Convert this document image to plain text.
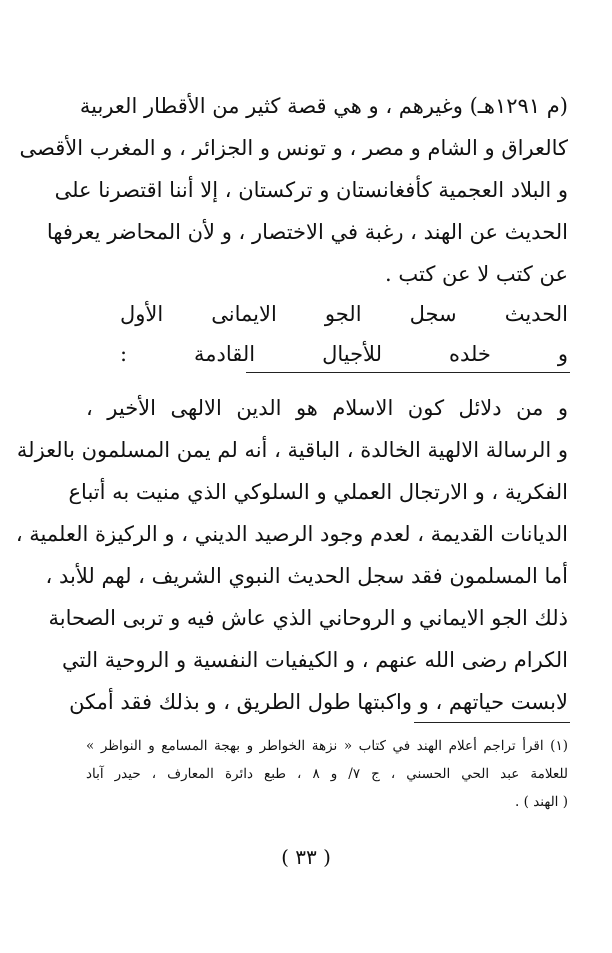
(م ١٢٩١هـ) وغيرهم ، و هي قصة كثير من الأقطار العربية
كالعراق و الشام و مصر ، و تونس و الجزائر ، و المغرب الأقصى
و البلاد العجمية كأفغانستان و تركستان ، إلا أننا اقتصرنا على
الحديث عن الهند ، رغبة في الاختصار ، و لأن المحاضر يعرفها
عن كتب لا عن كتب .
الحديث سجل الجو الايمانى الأول
و خلده للأجيال القادمة :
و من دلائل كون الاسلام هو الدين الالهى الأخير ،
و الرسالة الالهية الخالدة ، الباقية ، أنه لم يمن المسلمون بالعزلة
الفكرية ، و الارتجال العملي و السلوكي الذي منيت به أتباع
الديانات القديمة ، لعدم وجود الرصيد الديني ، و الركيزة العلمية ،
أما المسلمون فقد سجل الحديث النبوي الشريف ، لهم للأبد ،
ذلك الجو الايماني و الروحاني الذي عاش فيه و تربى الصحابة
الكرام رضى الله عنهم ، و الكيفيات النفسية و الروحية التي
لابست حياتهم ، و واكبتها طول الطريق ، و بذلك فقد أمكن
(١) اقرأ تراجم أعلام الهند في كتاب « نزهة الخواطر و بهجة المسامع و النواظر »
للعلامة عبد الحي الحسني ، ج ٧/ و ٨ ، طبع دائرة المعارف ، حيدر آباد
( الهند ) .
( ٣٣ )
